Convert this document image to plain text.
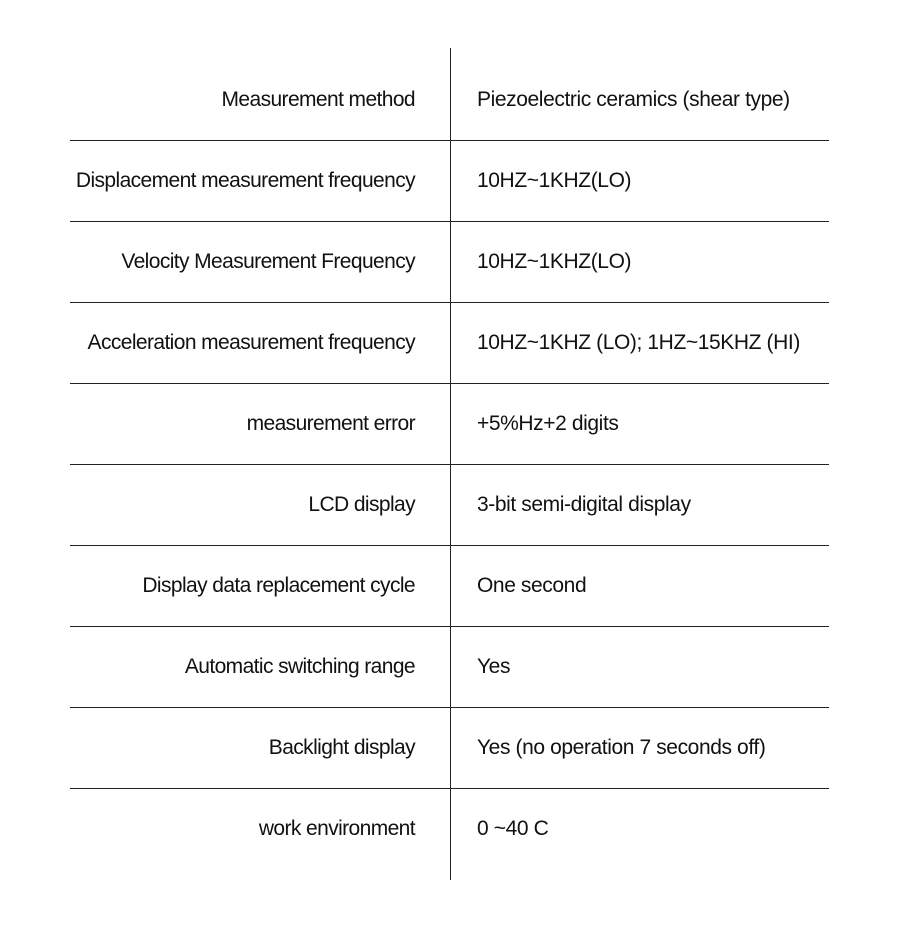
Measurement method	Piezoelectric ceramics (shear type)
Displacement measurement frequency	10HZ~1KHZ(LO)
Velocity Measurement Frequency	10HZ~1KHZ(LO)
Acceleration measurement frequency	10HZ~1KHZ (LO); 1HZ~15KHZ (HI)
measurement error	+5%Hz+2 digits
LCD display	3-bit semi-digital display
Display data replacement cycle	One second
Automatic switching range	Yes
Backlight display	Yes (no operation 7 seconds off)
work environment	0 ~40 C
